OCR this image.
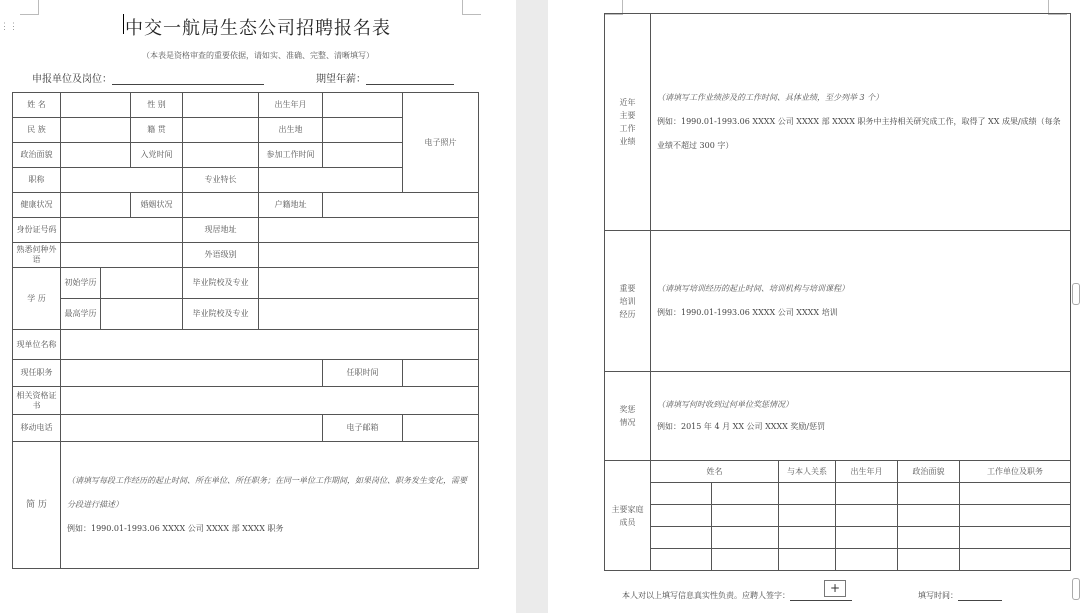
⋮⋮	中交一航局生态公司招聘报名表
（本表是资格审查的重要依据，请如实、准确、完整、清晰填写）
申报单位及岗位：	期望年薪：
姓 名			性 别		出生年月		电子照片
民 族			籍 贯		出生地		
政治面貌			入党时间		参加工作时间		
职称				专业特长			
健康状况			婚姻状况		户籍地址		
身份证号码				现居地址			
熟悉何种外语				外语级别			
学 历	初始学历			毕业院校及专业			
	最高学历			毕业院校及专业			
现单位名称							
现任职务						任职时间	
相关资格证书							
移动电话						电子邮箱	
简 历	（请填写每段工作经历的起止时间、所在单位、所任职务；在同一单位工作期间，如果岗位、职务发生变化，需要分段进行描述）
例如：1990.01-1993.06 XXXX 公司 XXXX 部 XXXX 职务						
近年主要工作业绩	（请填写工作业绩涉及的工作时间、具体业绩，至少列举 3 个）
例如：1990.01-1993.06 XXXX 公司 XXXX 部 XXXX 职务中主持相关研究成工作，取得了 XX 成果/成绩（每条业绩不超过 300 字）					

重要培训经历	（请填写培训经历的起止时间、培训机构与培训课程）
例如：1990.01-1993.06 XXXX 公司 XXXX 培训					

奖惩情况	（请填写何时收到过何单位奖惩情况）
例如：2015 年 4 月 XX 公司 XXXX 奖励/惩罚					

主要家庭成员	姓名		与本人关系	出生年月	政治面貌	工作单位及职务

本人对以上填写信息真实性负责。应聘人签字：	填写时间：
+
